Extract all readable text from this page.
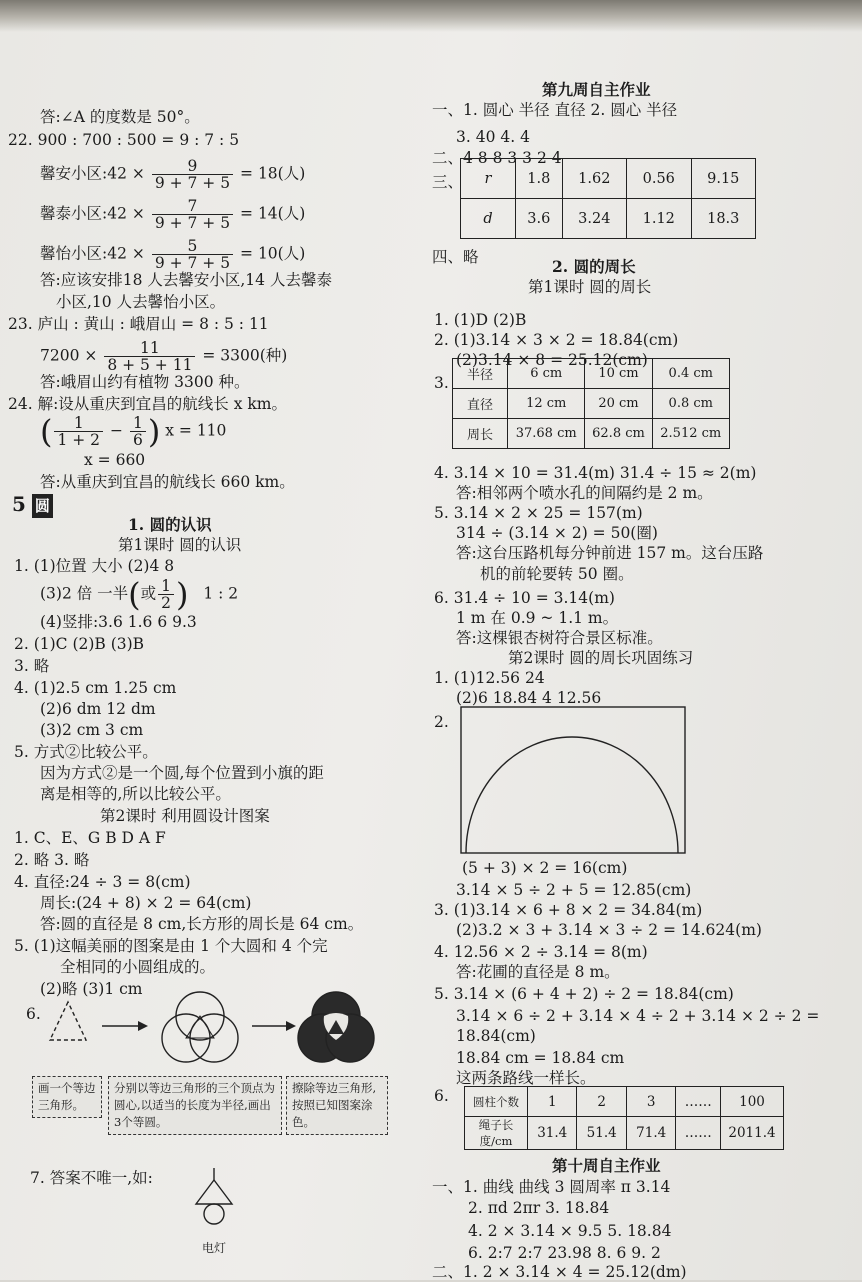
答:∠A 的度数是 50°。
22. 900 : 700 : 500 = 9 : 7 : 5
答:应该安排18 人去馨安小区,14 人去馨泰
小区,10 人去馨怡小区。
23. 庐山 : 黄山 : 峨眉山 = 8 : 5 : 11
答:峨眉山约有植物 3300 种。
24. 解:设从重庆到宜昌的航线长 x km。
x = 660
答:从重庆到宜昌的航线长 660 km。
1. 圆的认识
第1课时 圆的认识
1. (1)位置 大小 (2)4 8
(4)竖排:3.6 1.6 6 9.3
2. (1)C (2)B (3)B
3. 略
4. (1)2.5 cm 1.25 cm
(2)6 dm 12 dm
(3)2 cm 3 cm
5. 方式②比较公平。
因为方式②是一个圆,每个位置到小旗的距
离是相等的,所以比较公平。
第2课时 利用圆设计图案
1. C、E、G B D A F
2. 略 3. 略
4. 直径:24 ÷ 3 = 8(cm)
周长:(24 + 8) × 2 = 64(cm)
答:圆的直径是 8 cm,长方形的周长是 64 cm。
5. (1)这幅美丽的图案是由 1 个大圆和 4 个完
全相同的小圆组成的。
(2)略 (3)1 cm
6.
7. 答案不唯一,如:
馨安小区:42 × $\frac{9}{9 + 7 + 5} = 18$(人)
馨泰小区:42 × $\frac{7}{9 + 7 + 5} = 14$(人)
馨怡小区:42 × $\frac{5}{9 + 7 + 5} = 10$(人)
$7200 \times \frac{11}{8 + 5 + 11} = 3300$(种)
( $\frac{1}{1 + 2} - \frac{1}{6}$ ) x = 110
5 圆
(3)2 倍 一半(或 $\frac{1}{2}$ ) 1 : 2
画一个等边三角形。
分别以等边三角形的三个顶点为圆心,以适当的长度为半径,画出3个等圆。
擦除等边三角形,按照已知图案涂色。
电灯
第九周自主作业
一、1. 圆心 半径 直径 2. 圆心 半径
3. 40 4. 4
二、4 8 8 3 3 2 4
三、
四、略	2. 圆的周长
第1课时 圆的周长
1. (1)D (2)B
2. (1)3.14 × 3 × 2 = 18.84(cm)
(2)3.14 × 8 = 25.12(cm)
3.
4. 3.14 × 10 = 31.4(m) 31.4 ÷ 15 ≈ 2(m)
答:相邻两个喷水孔的间隔约是 2 m。
5. 3.14 × 2 × 25 = 157(m)
314 ÷ (3.14 × 2) = 50(圈)
答:这台压路机每分钟前进 157 m。这台压路
机的前轮要转 50 圈。
6. 31.4 ÷ 10 = 3.14(m)
1 m 在 0.9 ~ 1.1 m。
答:这棵银杏树符合景区标准。
第2课时 圆的周长巩固练习
1. (1)12.56 24
(2)6 18.84 4 12.56
2.
(5 + 3) × 2 = 16(cm)
3.14 × 5 ÷ 2 + 5 = 12.85(cm)
3. (1)3.14 × 6 + 8 × 2 = 34.84(m)
(2)3.2 × 3 + 3.14 × 3 ÷ 2 = 14.624(m)
4. 12.56 × 2 ÷ 3.14 = 8(m)
答:花圃的直径是 8 m。
5. 3.14 × (6 + 4 + 2) ÷ 2 = 18.84(cm)
3.14 × 6 ÷ 2 + 3.14 × 4 ÷ 2 + 3.14 × 2 ÷ 2 =
18.84(cm)
18.84 cm = 18.84 cm
这两条路线一样长。
6.
第十周自主作业
一、1. 曲线 曲线 3 圆周率 π 3.14
2. πd 2πr 3. 18.84
4. 2 × 3.14 × 9.5 5. 18.84
6. 2:7 2:7 23.98 8. 6 9. 2
二、1. 2 × 3.14 × 4 = 25.12(dm)
r	1.8	1.62	0.56	9.15
d	3.6	3.24	1.12	18.3
半径	6 cm	10 cm	0.4 cm
直径	12 cm	20 cm	0.8 cm
周长	37.68 cm	62.8 cm	2.512 cm
圆柱个数	1	2	3	……	100
绳子长度/cm	31.4	51.4	71.4	……	2011.4
